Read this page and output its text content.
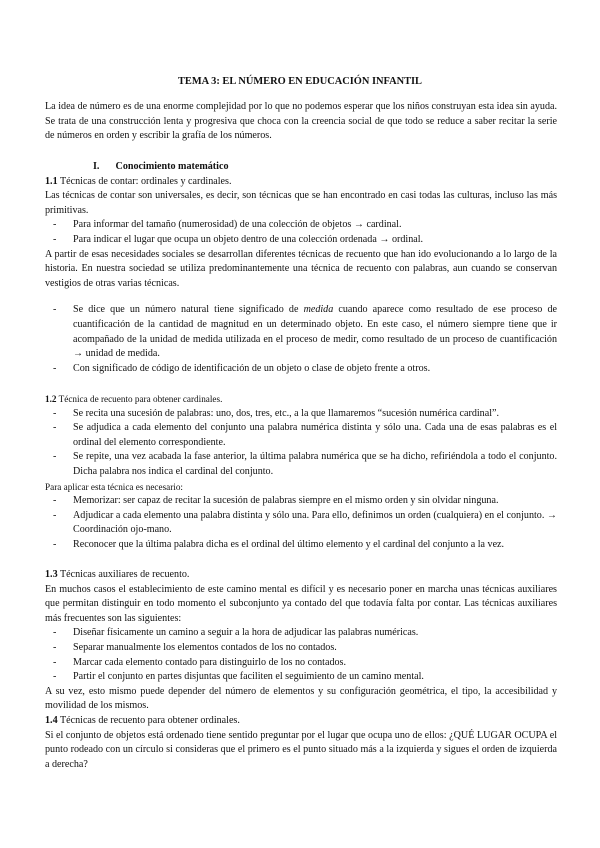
TEMA 3: EL NÚMERO EN EDUCACIÓN INFANTIL

La idea de número es de una enorme complejidad por lo que no podemos esperar que los niños construyan esta idea sin ayuda. Se trata de una construcción lenta y progresiva que choca con la creencia social de que todo se reduce a saber recitar la serie de números en orden y escribir la grafía de los números.

I. Conocimiento matemático

1.1 Técnicas de contar: ordinales y cardinales.

Las técnicas de contar son universales, es decir, son técnicas que se han encontrado en casi todas las culturas, incluso las más primitivas.

- Para informar del tamaño (numerosidad) de una colección de objetos → cardinal.
- Para indicar el lugar que ocupa un objeto dentro de una colección ordenada → ordinal.

A partir de esas necesidades sociales se desarrollan diferentes técnicas de recuento que han ido evolucionando a lo largo de la historia. En nuestra sociedad se utiliza predominantemente una técnica de recuento con palabras, aun cuando se conservan vestigios de otras varias técnicas.

- Se dice que un número natural tiene significado de medida cuando aparece como resultado de ese proceso de cuantificación de la cantidad de magnitud en un determinado objeto. En este caso, el número siempre tiene que ir acompañado de la unidad de medida utilizada en el proceso de medir, como resultado de un proceso de cuantificación → unidad de medida.
- Con significado de código de identificación de un objeto o clase de objeto frente a otros.

1.2 Técnica de recuento para obtener cardinales.

- Se recita una sucesión de palabras: uno, dos, tres, etc., a la que llamaremos “sucesión numérica cardinal”.
- Se adjudica a cada elemento del conjunto una palabra numérica distinta y sólo una. Cada una de esas palabras es el ordinal del elemento correspondiente.
- Se repite, una vez acabada la fase anterior, la última palabra numérica que se ha dicho, refiriéndola a todo el conjunto. Dicha palabra nos indica el cardinal del conjunto.

Para aplicar esta técnica es necesario:

- Memorizar: ser capaz de recitar la sucesión de palabras siempre en el mismo orden y sin olvidar ninguna.
- Adjudicar a cada elemento una palabra distinta y sólo una. Para ello, definimos un orden (cualquiera) en el conjunto. → Coordinación ojo-mano.
- Reconocer que la última palabra dicha es el ordinal del último elemento y el cardinal del conjunto a la vez.

1.3 Técnicas auxiliares de recuento.

En muchos casos el establecimiento de este camino mental es difícil y es necesario poner en marcha unas técnicas auxiliares que permitan distinguir en todo momento el subconjunto ya contado del que todavía falta por contar. Las técnicas auxiliares más frecuentes son las siguientes:

- Diseñar físicamente un camino a seguir a la hora de adjudicar las palabras numéricas.
- Separar manualmente los elementos contados de los no contados.
- Marcar cada elemento contado para distinguirlo de los no contados.
- Partir el conjunto en partes disjuntas que faciliten el seguimiento de un camino mental.

A su vez, esto mismo puede depender del número de elementos y su configuración geométrica, el tipo, la accesibilidad y movilidad de los mismos.

1.4 Técnicas de recuento para obtener ordinales.

Si el conjunto de objetos está ordenado tiene sentido preguntar por el lugar que ocupa uno de ellos: ¿QUÉ LUGAR OCUPA el punto rodeado con un círculo si consideras que el primero es el punto situado más a la izquierda y sigues el orden de izquierda a derecha?
